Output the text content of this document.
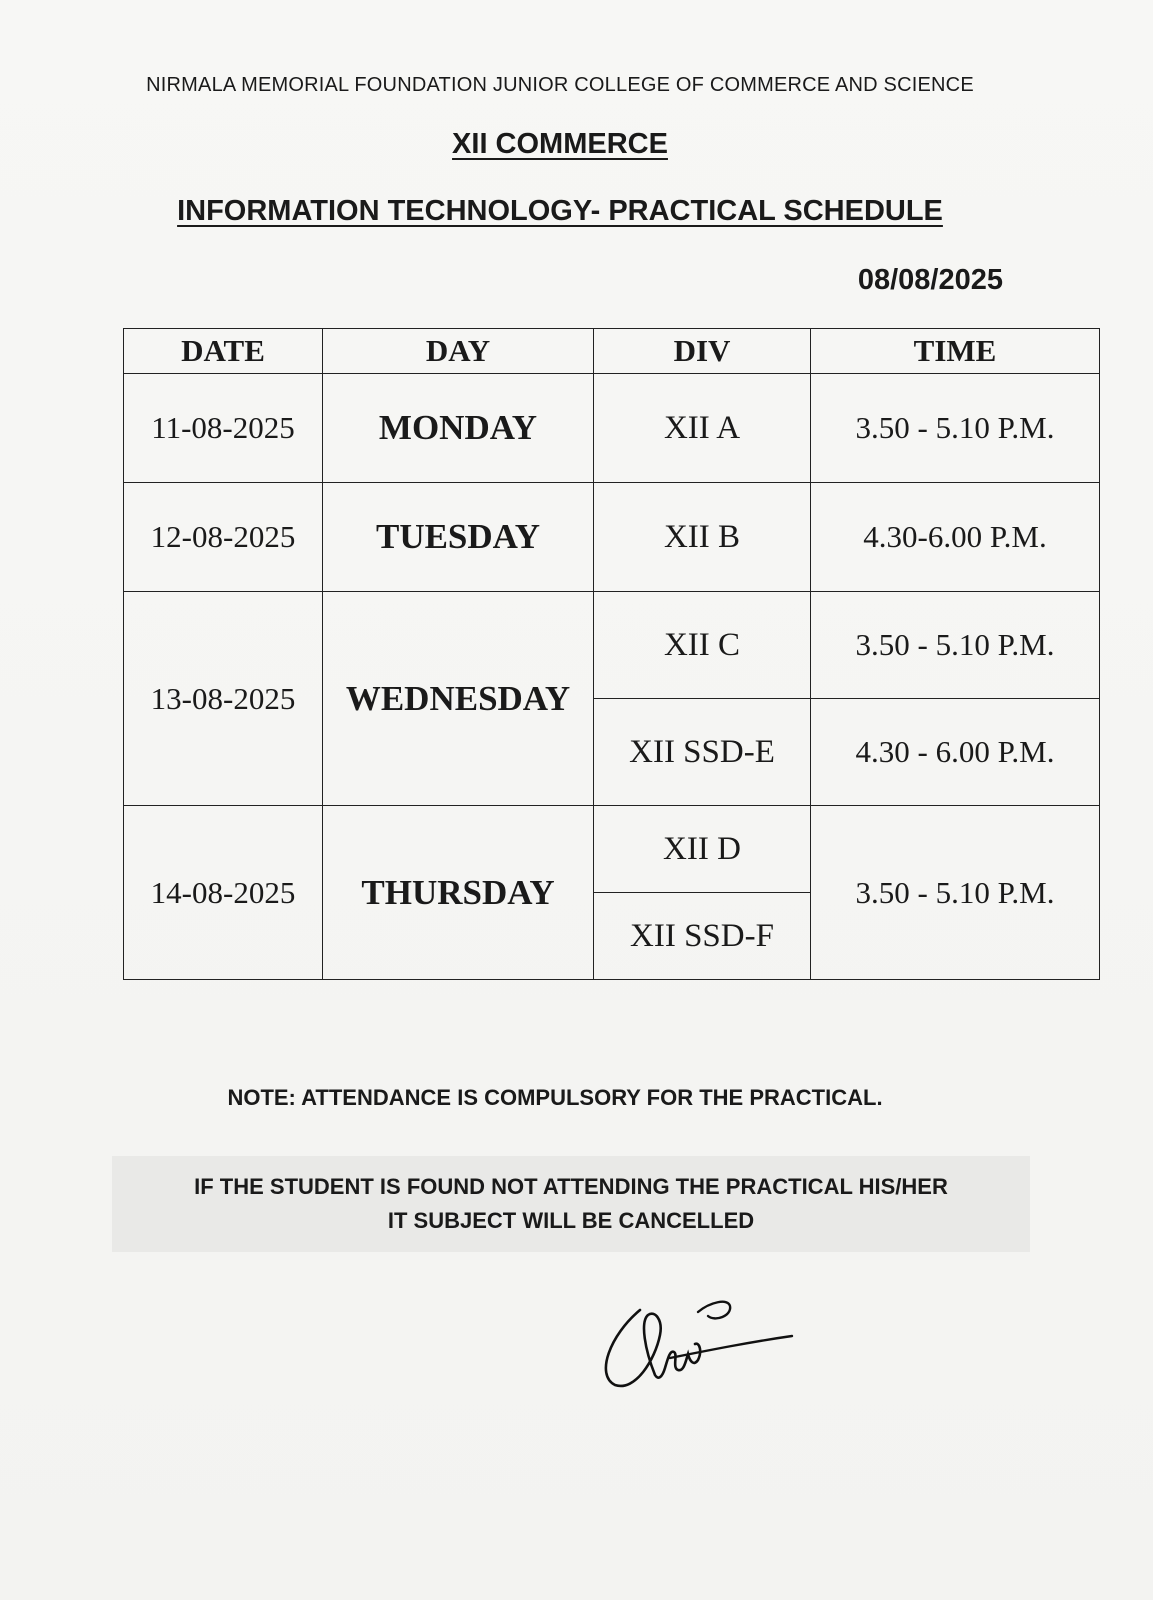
NIRMALA MEMORIAL FOUNDATION JUNIOR COLLEGE OF COMMERCE AND SCIENCE
XII COMMERCE
INFORMATION TECHNOLOGY- PRACTICAL SCHEDULE
08/08/2025
DATE	DAY	DIV	TIME
11-08-2025	MONDAY	XII A	3.50 - 5.10 P.M.
12-08-2025	TUESDAY	XII B	4.30-6.00 P.M.
13-08-2025	WEDNESDAY	XII C	3.50 - 5.10 P.M.
		XII SSD-E	4.30 - 6.00 P.M.
14-08-2025	THURSDAY	XII D	3.50 - 5.10 P.M.
		XII SSD-F	
NOTE: ATTENDANCE IS COMPULSORY FOR THE PRACTICAL.
IF THE STUDENT IS FOUND NOT ATTENDING THE PRACTICAL HIS/HER
IT SUBJECT WILL BE CANCELLED
